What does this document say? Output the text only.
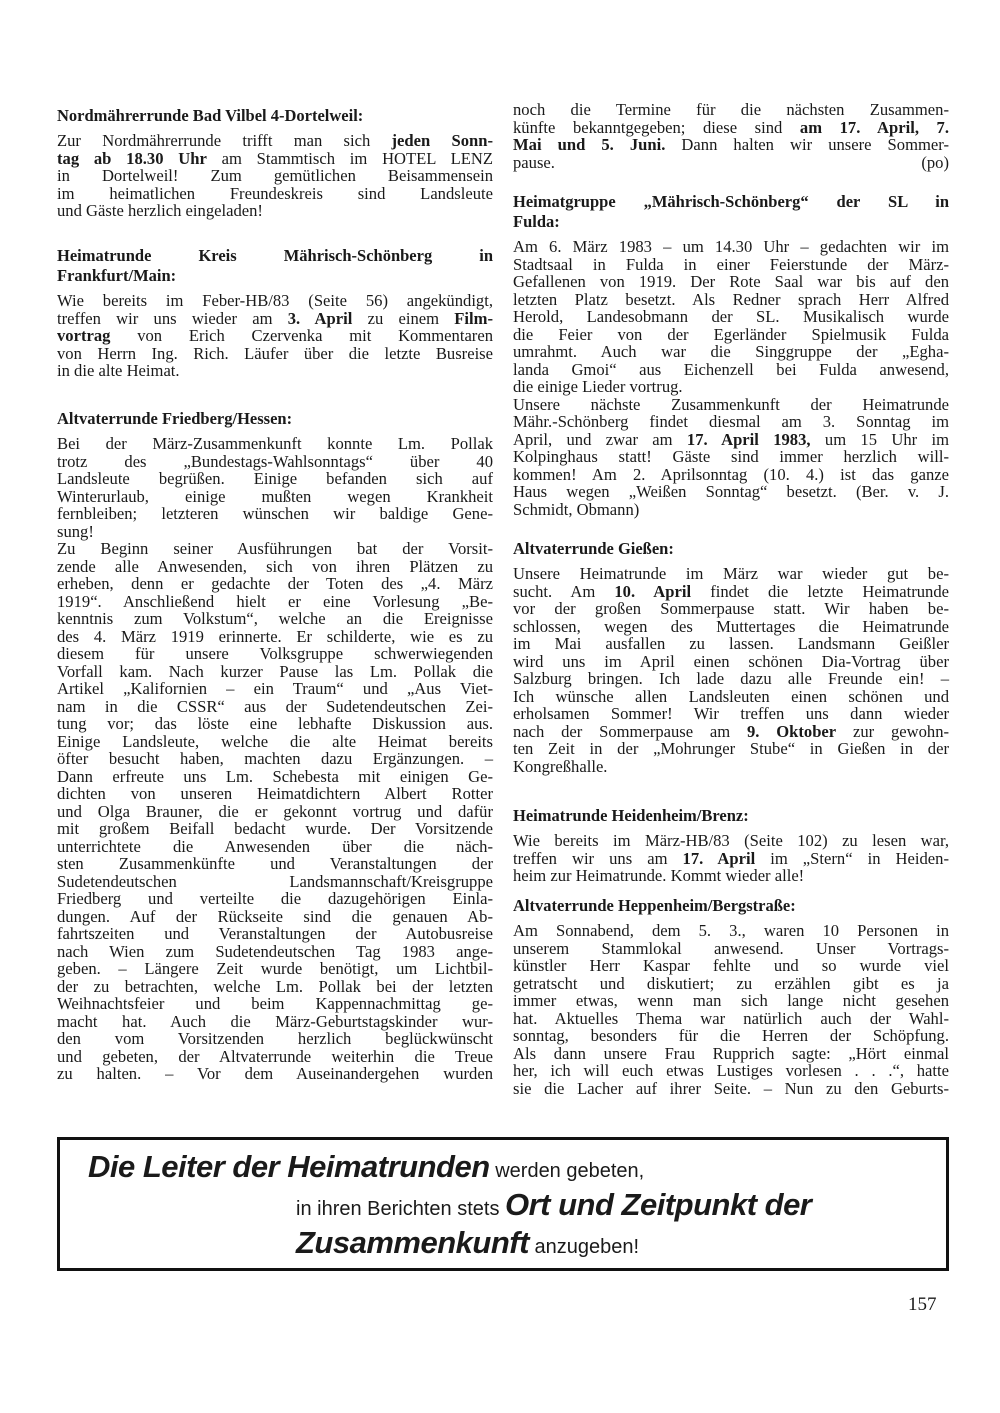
Nordmährerrunde Bad Vilbel 4-Dortelweil:
Zur Nordmährerrunde trifft man sich jeden Sonn-
tag ab 18.30 Uhr am Stammtisch im HOTEL LENZ
in Dortelweil! Zum gemütlichen Beisammensein
im heimatlichen Freundeskreis sind Landsleute
und Gäste herzlich eingeladen!
Heimatrunde Kreis Mährisch-Schönberg in
Frankfurt/Main:
Wie bereits im Feber-HB/83 (Seite 56) angekündigt,
treffen wir uns wieder am 3. April zu einem Film-
vortrag von Erich Czervenka mit Kommentaren
von Herrn Ing. Rich. Läufer über die letzte Busreise
in die alte Heimat.
Altvaterrunde Friedberg/Hessen:
Bei der März-Zusammenkunft konnte Lm. Pollak
trotz des „Bundestags-Wahlsonntags“ über 40
Landsleute begrüßen. Einige befanden sich auf
Winterurlaub, einige mußten wegen Krankheit
fernbleiben; letzteren wünschen wir baldige Gene-
sung!
Zu Beginn seiner Ausführungen bat der Vorsit-
zende alle Anwesenden, sich von ihren Plätzen zu
erheben, denn er gedachte der Toten des „4. März
1919“. Anschließend hielt er eine Vorlesung „Be-
kenntnis zum Volkstum“, welche an die Ereignisse
des 4. März 1919 erinnerte. Er schilderte, wie es zu
diesem für unsere Volksgruppe schwerwiegenden
Vorfall kam. Nach kurzer Pause las Lm. Pollak die
Artikel „Kalifornien – ein Traum“ und „Aus Viet-
nam in die CSSR“ aus der Sudetendeutschen Zei-
tung vor; das löste eine lebhafte Diskussion aus.
Einige Landsleute, welche die alte Heimat bereits
öfter besucht haben, machten dazu Ergänzungen. –
Dann erfreute uns Lm. Schebesta mit einigen Ge-
dichten von unseren Heimatdichtern Albert Rotter
und Olga Brauner, die er gekonnt vortrug und dafür
mit großem Beifall bedacht wurde. Der Vorsitzende
unterrichtete die Anwesenden über die näch-
sten Zusammenkünfte und Veranstaltungen der
Sudetendeutschen Landsmannschaft/Kreisgruppe
Friedberg und verteilte die dazugehörigen Einla-
dungen. Auf der Rückseite sind die genauen Ab-
fahrtszeiten und Veranstaltungen der Autobusreise
nach Wien zum Sudetendeutschen Tag 1983 ange-
geben. – Längere Zeit wurde benötigt, um Lichtbil-
der zu betrachten, welche Lm. Pollak bei der letzten
Weihnachtsfeier und beim Kappennachmittag ge-
macht hat. Auch die März-Geburtstagskinder wur-
den vom Vorsitzenden herzlich beglückwünscht
und gebeten, der Altvaterrunde weiterhin die Treue
zu halten. – Vor dem Auseinandergehen wurden
noch die Termine für die nächsten Zusammen-
künfte bekanntgegeben; diese sind am 17. April, 7.
Mai und 5. Juni. Dann halten wir unsere Sommer-
pause. (po)
Heimatgruppe „Mährisch-Schönberg“ der SL in
Fulda:
Am 6. März 1983 – um 14.30 Uhr – gedachten wir im
Stadtsaal in Fulda in einer Feierstunde der März-
Gefallenen von 1919. Der Rote Saal war bis auf den
letzten Platz besetzt. Als Redner sprach Herr Alfred
Herold, Landesobmann der SL. Musikalisch wurde
die Feier von der Egerländer Spielmusik Fulda
umrahmt. Auch war die Singgruppe der „Egha-
landa Gmoi“ aus Eichenzell bei Fulda anwesend,
die einige Lieder vortrug.
Unsere nächste Zusammenkunft der Heimatrunde
Mähr.-Schönberg findet diesmal am 3. Sonntag im
April, und zwar am 17. April 1983, um 15 Uhr im
Kolpinghaus statt! Gäste sind immer herzlich will-
kommen! Am 2. Aprilsonntag (10. 4.) ist das ganze
Haus wegen „Weißen Sonntag“ besetzt. (Ber. v. J.
Schmidt, Obmann)
Altvaterrunde Gießen:
Unsere Heimatrunde im März war wieder gut be-
sucht. Am 10. April findet die letzte Heimatrunde
vor der großen Sommerpause statt. Wir haben be-
schlossen, wegen des Muttertages die Heimatrunde
im Mai ausfallen zu lassen. Landsmann Geißler
wird uns im April einen schönen Dia-Vortrag über
Salzburg bringen. Ich lade dazu alle Freunde ein! –
Ich wünsche allen Landsleuten einen schönen und
erholsamen Sommer! Wir treffen uns dann wieder
nach der Sommerpause am 9. Oktober zur gewohn-
ten Zeit in der „Mohrunger Stube“ in Gießen in der
Kongreßhalle.
Heimatrunde Heidenheim/Brenz:
Wie bereits im März-HB/83 (Seite 102) zu lesen war,
treffen wir uns am 17. April im „Stern“ in Heiden-
heim zur Heimatrunde. Kommt wieder alle!
Altvaterrunde Heppenheim/Bergstraße:
Am Sonnabend, dem 5. 3., waren 10 Personen in
unserem Stammlokal anwesend. Unser Vortrags-
künstler Herr Kaspar fehlte und so wurde viel
getratscht und diskutiert; zu erzählen gibt es ja
immer etwas, wenn man sich lange nicht gesehen
hat. Aktuelles Thema war natürlich auch der Wahl-
sonntag, besonders für die Herren der Schöpfung.
Als dann unsere Frau Rupprich sagte: „Hört einmal
her, ich will euch etwas Lustiges vorlesen . . .“, hatte
sie die Lacher auf ihrer Seite. – Nun zu den Geburts-
Die Leiter der Heimatrunden werden gebeten,
in ihren Berichten stets Ort und Zeitpunkt der
Zusammenkunft anzugeben!
157
